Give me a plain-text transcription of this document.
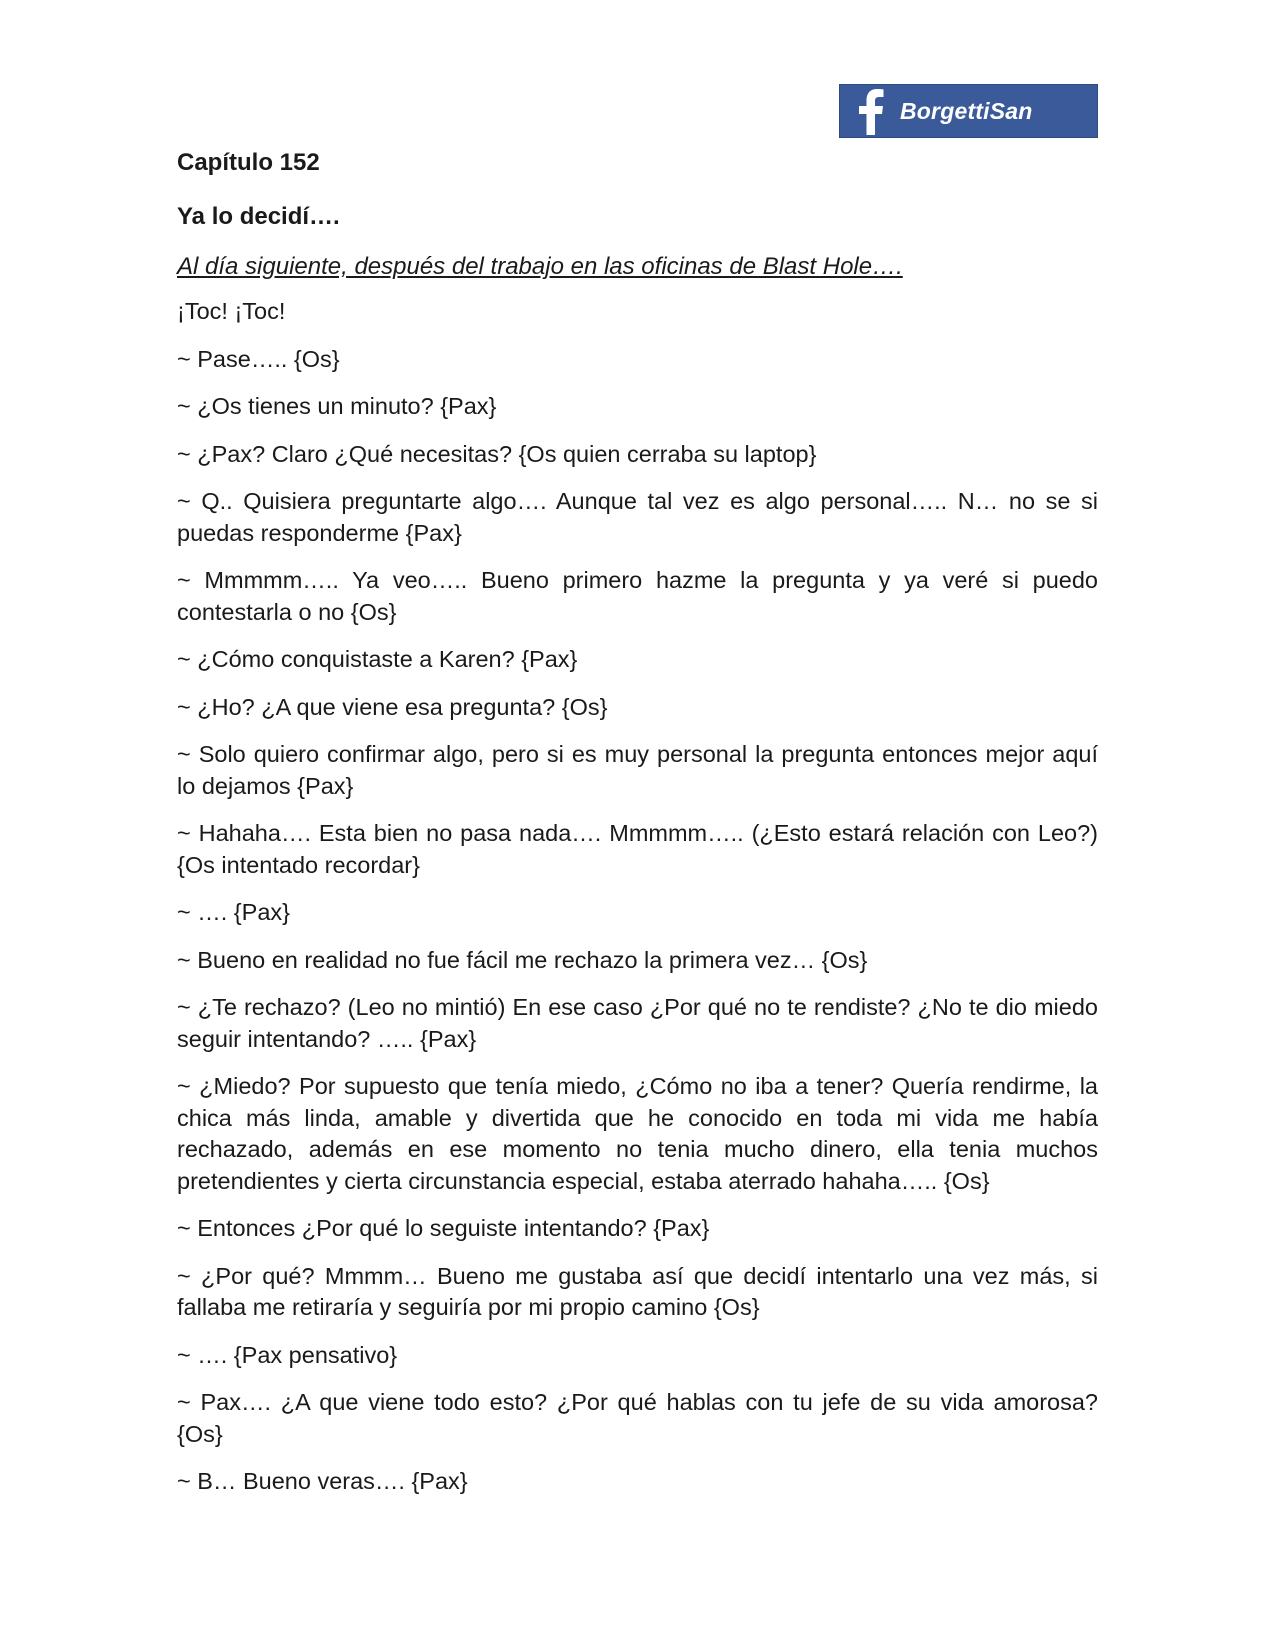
BorgettiSan
Capítulo 152
Ya lo decidí….
Al día siguiente, después del trabajo en las oficinas de Blast Hole….

¡Toc! ¡Toc!

~ Pase….. {Os}

~ ¿Os tienes un minuto? {Pax}

~ ¿Pax? Claro ¿Qué necesitas? {Os quien cerraba su laptop}

~ Q.. Quisiera preguntarte algo…. Aunque tal vez es algo personal….. N… no se si puedas responderme {Pax}

~ Mmmmm….. Ya veo….. Bueno primero hazme la pregunta y ya veré si puedo contestarla o no {Os}

~ ¿Cómo conquistaste a Karen? {Pax}

~ ¿Ho? ¿A que viene esa pregunta? {Os}

~ Solo quiero confirmar algo, pero si es muy personal la pregunta entonces mejor aquí lo dejamos {Pax}

~ Hahaha…. Esta bien no pasa nada…. Mmmmm….. (¿Esto estará relación con Leo?) {Os intentado recordar}

~ …. {Pax}

~ Bueno en realidad no fue fácil me rechazo la primera vez… {Os}

~ ¿Te rechazo? (Leo no mintió) En ese caso ¿Por qué no te rendiste? ¿No te dio miedo seguir intentando? ….. {Pax}

~ ¿Miedo? Por supuesto que tenía miedo, ¿Cómo no iba a tener? Quería rendirme, la chica más linda, amable y divertida que he conocido en toda mi vida me había rechazado, además en ese momento no tenia mucho dinero, ella tenia muchos pretendientes y cierta circunstancia especial, estaba aterrado hahaha….. {Os}

~ Entonces ¿Por qué lo seguiste intentando? {Pax}

~ ¿Por qué? Mmmm… Bueno me gustaba así que decidí intentarlo una vez más, si fallaba me retiraría y seguiría por mi propio camino {Os}

~ …. {Pax pensativo}

~ Pax…. ¿A que viene todo esto? ¿Por qué hablas con tu jefe de su vida amorosa? {Os}

~ B… Bueno veras…. {Pax}
